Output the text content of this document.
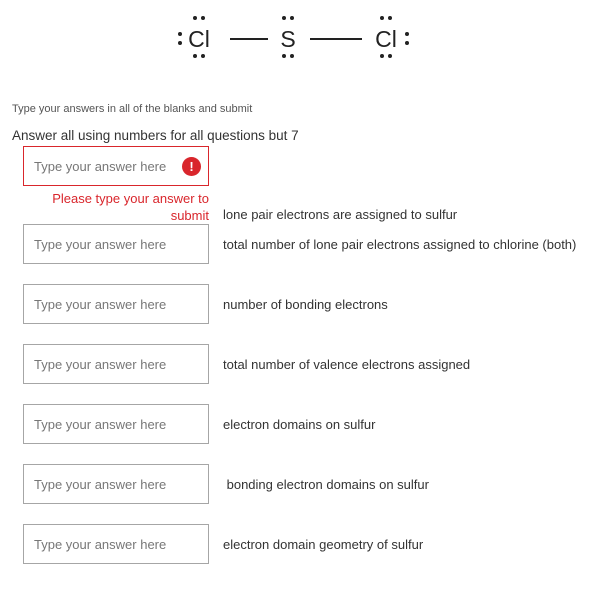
Cl	S	Cl
Type your answers in all of the blanks and submit
Answer all using numbers for all questions but 7
Type your answer here
!
Please type your answer to
submit lone pair electrons are assigned to sulfur
Type your answer here
total number of lone pair electrons assigned to chlorine (both)
Type your answer here
number of bonding electrons
Type your answer here
total number of valence electrons assigned
Type your answer here
electron domains on sulfur
Type your answer here
bonding electron domains on sulfur
Type your answer here
electron domain geometry of sulfur
